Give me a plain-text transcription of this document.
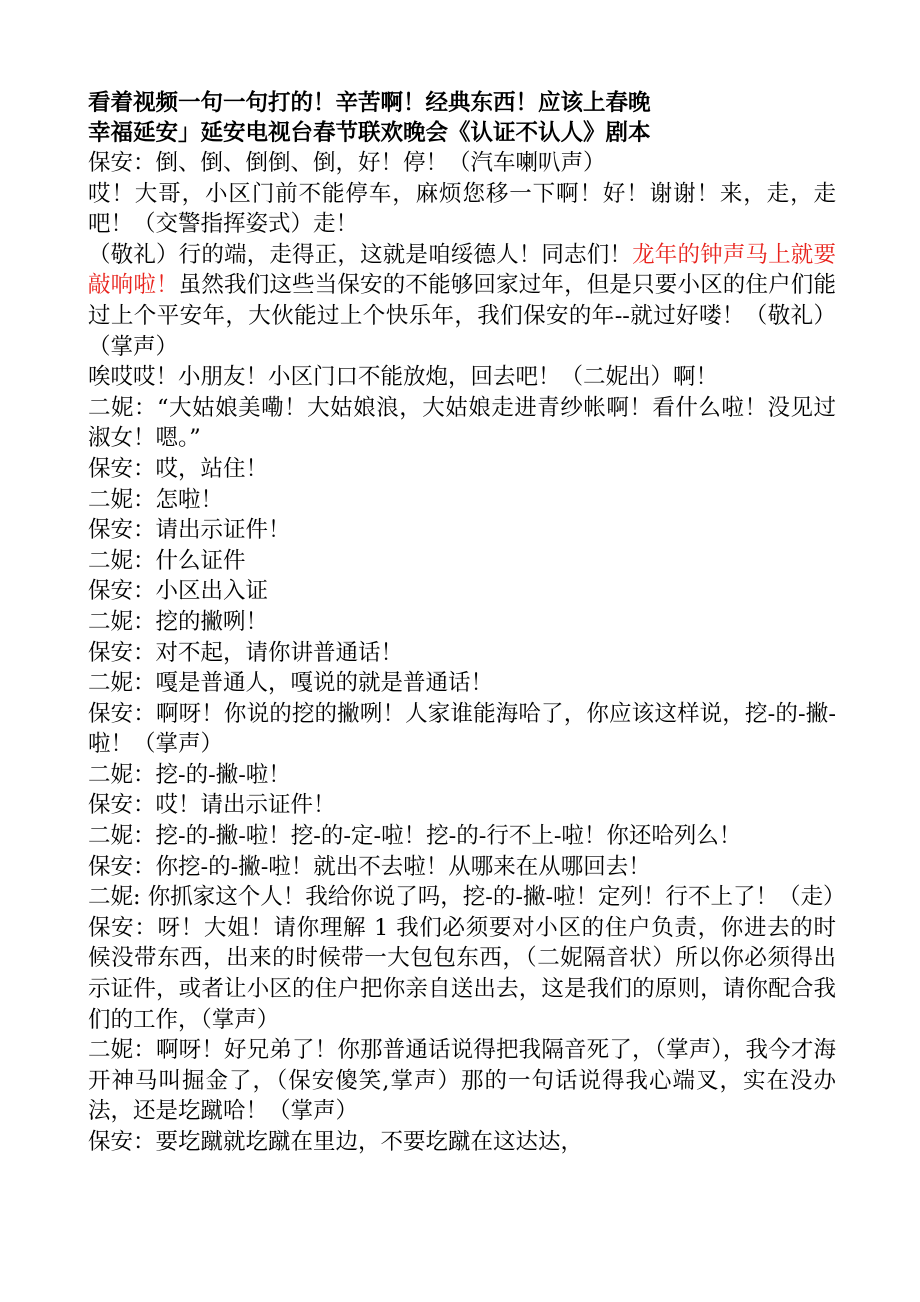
看着视频一句一句打的！辛苦啊！经典东西！应该上春晚

幸福延安」延安电视台春节联欢晚会《认证不认人》剧本

保安：倒、倒、倒倒、倒，好！停！（汽车喇叭声）

哎！大哥，小区门前不能停车，麻烦您移一下啊！好！谢谢！来，走，走吧！（交警指挥姿式）走！

（敬礼）行的端，走得正，这就是咱绥德人！同志们！龙年的钟声马上就要敲响啦！虽然我们这些当保安的不能够回家过年，但是只要小区的住户们能过上个平安年，大伙能过上个快乐年，我们保安的年--就过好喽！（敬礼）（掌声）

唉哎哎！小朋友！小区门口不能放炮，回去吧！（二妮出）啊！

二妮：“大姑娘美嘞！大姑娘浪，大姑娘走进青纱帐啊！看什么啦！没见过淑女！嗯。”

保安：哎，站住！

二妮：怎啦！

保安：请出示证件！

二妮：什么证件

保安：小区出入证

二妮：挖的撇咧！

保安：对不起，请你讲普通话！

二妮：嘎是普通人，嘎说的就是普通话！

保安：啊呀！你说的挖的撇咧！人家谁能海哈了，你应该这样说，挖-的-撇-啦！（掌声）

二妮：挖-的-撇-啦！

保安：哎！请出示证件！

二妮：挖-的-撇-啦！挖-的-定-啦！挖-的-行不上-啦！你还哈列么！

保安：你挖-的-撇-啦！就出不去啦！从哪来在从哪回去！

二妮: 你抓家这个人！我给你说了吗，挖-的-撇-啦！定列！行不上了！（走）

保安：呀！大姐！请你理解 1 我们必须要对小区的住户负责，你进去的时候没带东西，出来的时候带一大包包东西，（二妮隔音状）所以你必须得出示证件，或者让小区的住户把你亲自送出去，这是我们的原则，请你配合我们的工作，（掌声）

二妮：啊呀！好兄弟了！你那普通话说得把我隔音死了，（掌声），我今才海开神马叫掘金了，（保安傻笑,掌声）那的一句话说得我心端叉，实在没办法，还是圪蹴哈！（掌声）

保安：要圪蹴就圪蹴在里边，不要圪蹴在这达达，
